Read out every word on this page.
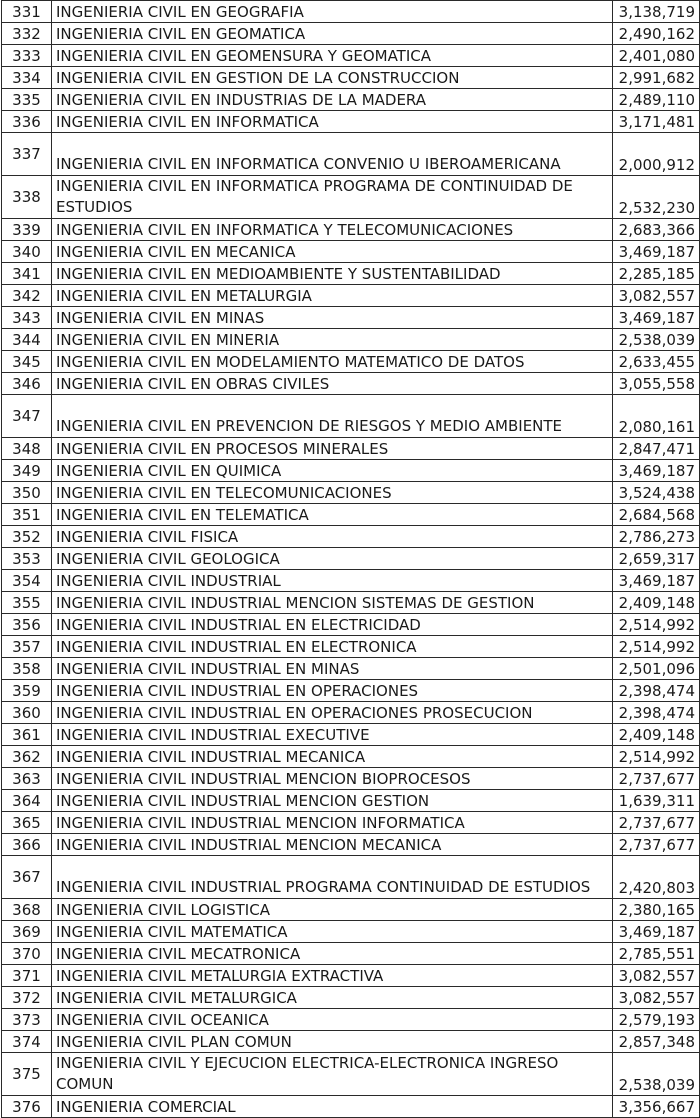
331	INGENIERIA CIVIL EN GEOGRAFIA	3,138,719
332	INGENIERIA CIVIL EN GEOMATICA	2,490,162
333	INGENIERIA CIVIL EN GEOMENSURA Y GEOMATICA	2,401,080
334	INGENIERIA CIVIL EN GESTION DE LA CONSTRUCCION	2,991,682
335	INGENIERIA CIVIL EN INDUSTRIAS DE LA MADERA	2,489,110
336	INGENIERIA CIVIL EN INFORMATICA	3,171,481
337	INGENIERIA CIVIL EN INFORMATICA CONVENIO U IBEROAMERICANA	2,000,912
338	INGENIERIA CIVIL EN INFORMATICA PROGRAMA DE CONTINUIDAD DE ESTUDIOS	2,532,230
339	INGENIERIA CIVIL EN INFORMATICA Y TELECOMUNICACIONES	2,683,366
340	INGENIERIA CIVIL EN MECANICA	3,469,187
341	INGENIERIA CIVIL EN MEDIOAMBIENTE Y SUSTENTABILIDAD	2,285,185
342	INGENIERIA CIVIL EN METALURGIA	3,082,557
343	INGENIERIA CIVIL EN MINAS	3,469,187
344	INGENIERIA CIVIL EN MINERIA	2,538,039
345	INGENIERIA CIVIL EN MODELAMIENTO MATEMATICO DE DATOS	2,633,455
346	INGENIERIA CIVIL EN OBRAS CIVILES	3,055,558
347	INGENIERIA CIVIL EN PREVENCION DE RIESGOS Y MEDIO AMBIENTE	2,080,161
348	INGENIERIA CIVIL EN PROCESOS MINERALES	2,847,471
349	INGENIERIA CIVIL EN QUIMICA	3,469,187
350	INGENIERIA CIVIL EN TELECOMUNICACIONES	3,524,438
351	INGENIERIA CIVIL EN TELEMATICA	2,684,568
352	INGENIERIA CIVIL FISICA	2,786,273
353	INGENIERIA CIVIL GEOLOGICA	2,659,317
354	INGENIERIA CIVIL INDUSTRIAL	3,469,187
355	INGENIERIA CIVIL INDUSTRIAL MENCION SISTEMAS DE GESTION	2,409,148
356	INGENIERIA CIVIL INDUSTRIAL EN ELECTRICIDAD	2,514,992
357	INGENIERIA CIVIL INDUSTRIAL EN ELECTRONICA	2,514,992
358	INGENIERIA CIVIL INDUSTRIAL EN MINAS	2,501,096
359	INGENIERIA CIVIL INDUSTRIAL EN OPERACIONES	2,398,474
360	INGENIERIA CIVIL INDUSTRIAL EN OPERACIONES PROSECUCION	2,398,474
361	INGENIERIA CIVIL INDUSTRIAL EXECUTIVE	2,409,148
362	INGENIERIA CIVIL INDUSTRIAL MECANICA	2,514,992
363	INGENIERIA CIVIL INDUSTRIAL MENCION BIOPROCESOS	2,737,677
364	INGENIERIA CIVIL INDUSTRIAL MENCION GESTION	1,639,311
365	INGENIERIA CIVIL INDUSTRIAL MENCION INFORMATICA	2,737,677
366	INGENIERIA CIVIL INDUSTRIAL MENCION MECANICA	2,737,677
367	INGENIERIA CIVIL INDUSTRIAL PROGRAMA CONTINUIDAD DE ESTUDIOS	2,420,803
368	INGENIERIA CIVIL LOGISTICA	2,380,165
369	INGENIERIA CIVIL MATEMATICA	3,469,187
370	INGENIERIA CIVIL MECATRONICA	2,785,551
371	INGENIERIA CIVIL METALURGIA EXTRACTIVA	3,082,557
372	INGENIERIA CIVIL METALURGICA	3,082,557
373	INGENIERIA CIVIL OCEANICA	2,579,193
374	INGENIERIA CIVIL PLAN COMUN	2,857,348
375	INGENIERIA CIVIL Y EJECUCION ELECTRICA-ELECTRONICA INGRESO COMUN	2,538,039
376	INGENIERIA COMERCIAL	3,356,667
